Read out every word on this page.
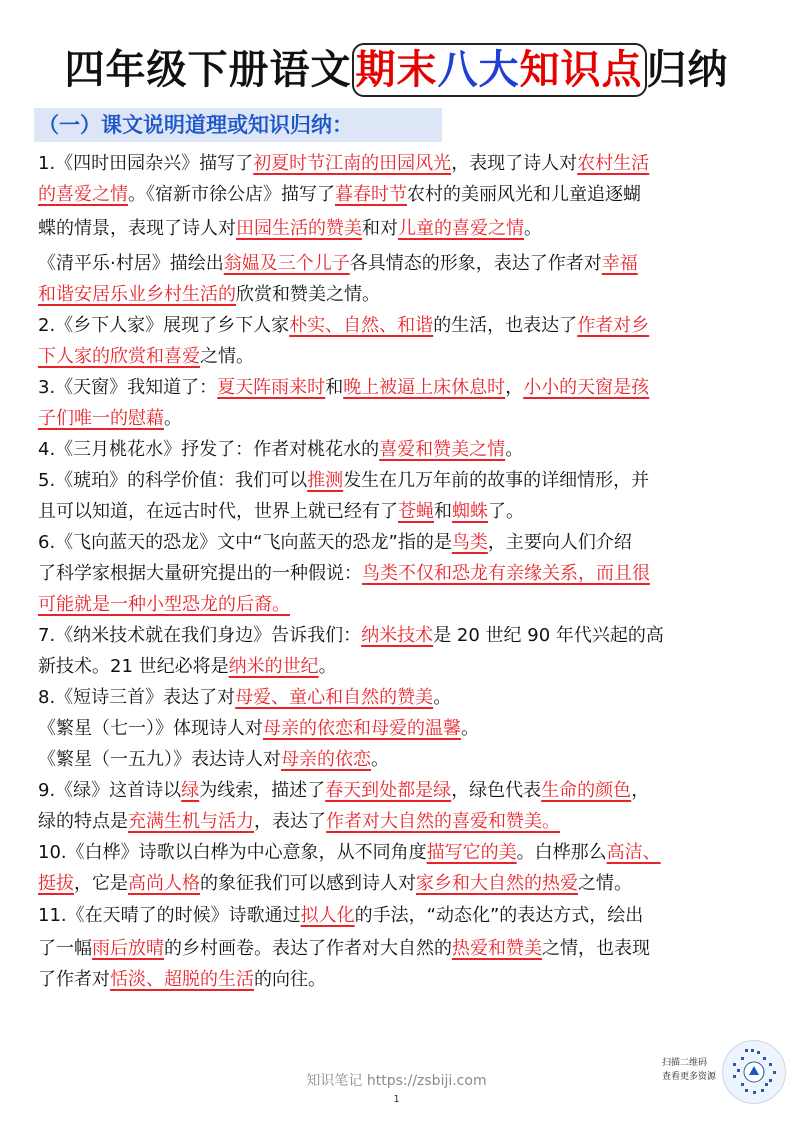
四年级下册语文 期末八大知识点 归纳
（一）课文说明道理或知识归纳：
1.《四时田园杂兴》描写了初夏时节江南的田园风光，表现了诗人对农村生活
的喜爱之情。《宿新市徐公店》描写了暮春时节农村的美丽风光和儿童追逐蝴
蝶的情景，表现了诗人对田园生活的赞美和对儿童的喜爱之情。
《清平乐·村居》描绘出翁媪及三个儿子各具情态的形象，表达了作者对幸福
和谐安居乐业乡村生活的欣赏和赞美之情。
2.《乡下人家》展现了乡下人家朴实、自然、和谐的生活，也表达了作者对乡
下人家的欣赏和喜爱之情。
3.《天窗》我知道了：夏天阵雨来时和晚上被逼上床休息时，小小的天窗是孩
子们唯一的慰藉。
4.《三月桃花水》抒发了：作者对桃花水的喜爱和赞美之情。
5.《琥珀》的科学价值：我们可以推测发生在几万年前的故事的详细情形，并
且可以知道，在远古时代，世界上就已经有了苍蝇和蜘蛛了。
6.《飞向蓝天的恐龙》文中“飞向蓝天的恐龙”指的是鸟类，主要向人们介绍
了科学家根据大量研究提出的一种假说：鸟类不仅和恐龙有亲缘关系，而且很
可能就是一种小型恐龙的后裔。
7.《纳米技术就在我们身边》告诉我们：纳米技术是 20 世纪 90 年代兴起的高
新技术。21 世纪必将是纳米的世纪。
8.《短诗三首》表达了对母爱、童心和自然的赞美。
《繁星（七一）》体现诗人对母亲的依恋和母爱的温馨。
《繁星（一五九）》表达诗人对母亲的依恋。
9.《绿》这首诗以绿为线索，描述了春天到处都是绿，绿色代表生命的颜色，
绿的特点是充满生机与活力，表达了作者对大自然的喜爱和赞美。
10.《白桦》诗歌以白桦为中心意象，从不同角度描写它的美。白桦那么高洁、
挺拔，它是高尚人格的象征我们可以感到诗人对家乡和大自然的热爱之情。
11.《在天晴了的时候》诗歌通过拟人化的手法，“动态化”的表达方式，绘出
了一幅雨后放晴的乡村画卷。表达了作者对大自然的热爱和赞美之情，也表现
了作者对恬淡、超脱的生活的向往。
知识笔记 https://zsbiji.com
1
扫描二维码
查看更多资源
